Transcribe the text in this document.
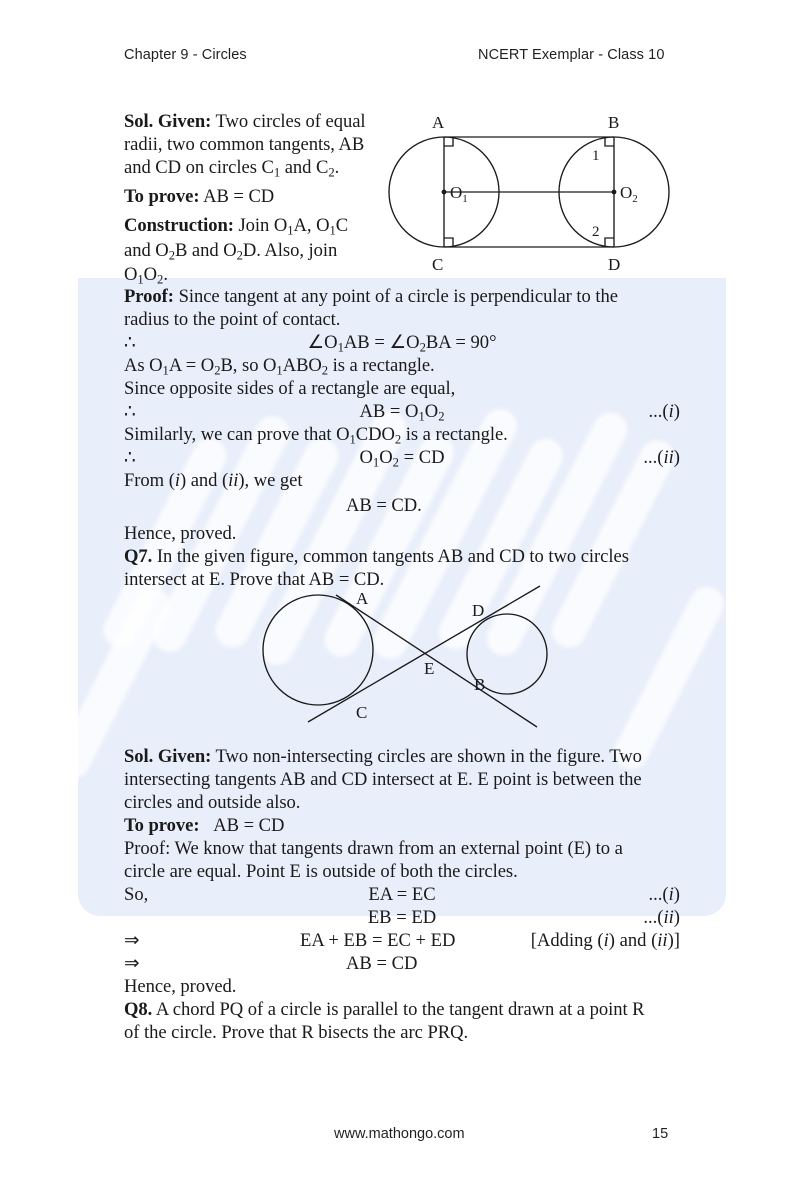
Chapter 9 - Circles	NCERT Exemplar - Class 10
Sol. Given: Two circles of equal
radii, two common tangents, AB
and CD on circles $C_1$ and $C_2$.
To prove: AB = CD
Construction: Join $O_1A$, $O_1C$
and $O_2B$ and $O_2D$. Also, join
$O_1O_2$.
A	B
C	D
$O_1$	$O_2$
1
2
Proof: Since tangent at any point of a circle is perpendicular to the
radius to the point of contact.
∴	$\angle O_1AB$ = $\angle O_2BA = 90^\circ$
As $O_1A = O_2B$, so $O_1ABO_2$ is a rectangle.
Since opposite sides of a rectangle are equal,
∴	AB = $O_1O_2$	...(i)
Similarly, we can prove that $O_1CDO_2$ is a rectangle.
∴	$O_1O_2$ = CD	...(ii)
From (i) and (ii), we get
AB = CD.
Hence, proved.
Q7. In the given figure, common tangents AB and CD to two circles
intersect at E. Prove that AB = CD.
A
B
C
D
E
Sol. Given: Two non-intersecting circles are shown in the figure. Two
intersecting tangents AB and CD intersect at E. E point is between the
circles and outside also.
To prove: AB = CD
Proof: We know that tangents drawn from an external point (E) to a
circle are equal. Point E is outside of both the circles.
So,	EA = EC	...(i)
EB = ED	...(ii)
⇒	EA + EB = EC + ED	[Adding (i) and (ii)]
⇒	AB = CD
Hence, proved.
Q8. A chord PQ of a circle is parallel to the tangent drawn at a point R
of the circle. Prove that R bisects the arc PRQ.
www.mathongo.com	15
